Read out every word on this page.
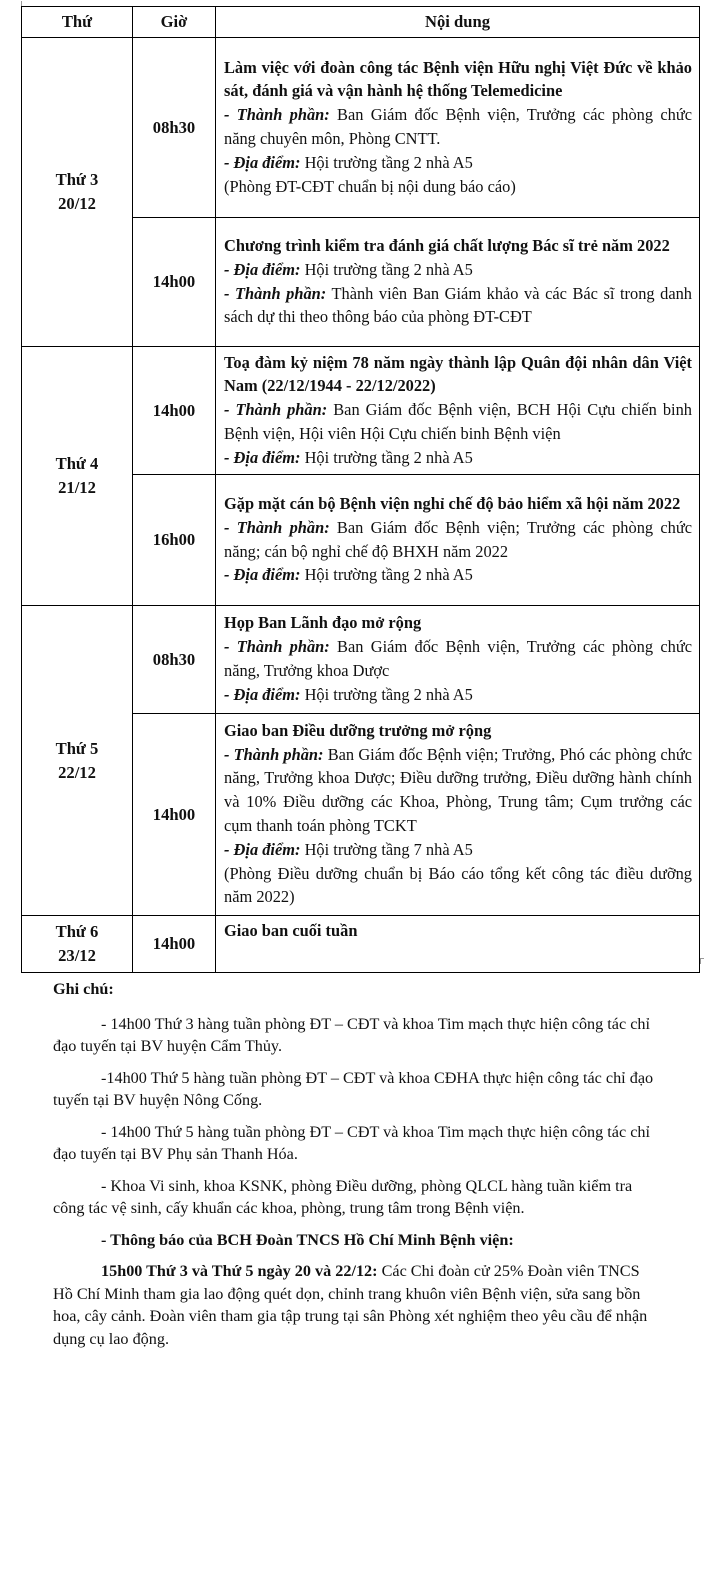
Thứ	Giờ	Nội dung

Thứ 3
20/12	08h30	Làm việc với đoàn công tác Bệnh viện Hữu nghị Việt Đức về khảo sát, đánh giá và vận hành hệ thống Telemedicine
- Thành phần: Ban Giám đốc Bệnh viện, Trưởng các phòng chức năng chuyên môn, Phòng CNTT.
- Địa điểm: Hội trường tầng 2 nhà A5
(Phòng ĐT-CĐT chuẩn bị nội dung báo cáo)

	14h00	Chương trình kiểm tra đánh giá chất lượng Bác sĩ trẻ năm 2022
- Địa điểm: Hội trường tầng 2 nhà A5
- Thành phần: Thành viên Ban Giám khảo và các Bác sĩ trong danh sách dự thi theo thông báo của phòng ĐT-CĐT

Thứ 4
21/12	14h00	Toạ đàm kỷ niệm 78 năm ngày thành lập Quân đội nhân dân Việt Nam (22/12/1944 - 22/12/2022)
- Thành phần: Ban Giám đốc Bệnh viện, BCH Hội Cựu chiến binh Bệnh viện, Hội viên Hội Cựu chiến binh Bệnh viện
- Địa điểm: Hội trường tầng 2 nhà A5

	16h00	Gặp mặt cán bộ Bệnh viện nghỉ chế độ bảo hiểm xã hội năm 2022
- Thành phần: Ban Giám đốc Bệnh viện; Trưởng các phòng chức năng; cán bộ nghỉ chế độ BHXH năm 2022
- Địa điểm: Hội trường tầng 2 nhà A5

Thứ 5
22/12	08h30	Họp Ban Lãnh đạo mở rộng
- Thành phần: Ban Giám đốc Bệnh viện, Trưởng các phòng chức năng, Trưởng khoa Dược
- Địa điểm: Hội trường tầng 2 nhà A5

	14h00	Giao ban Điều dưỡng trưởng mở rộng
- Thành phần: Ban Giám đốc Bệnh viện; Trưởng, Phó các phòng chức năng, Trưởng khoa Dược; Điều dưỡng trưởng, Điều dưỡng hành chính và 10% Điều dưỡng các Khoa, Phòng, Trung tâm; Cụm trưởng các cụm thanh toán phòng TCKT
- Địa điểm: Hội trường tầng 7 nhà A5
(Phòng Điều dưỡng chuẩn bị Báo cáo tổng kết công tác điều dưỡng năm 2022)

Thứ 6
23/12	14h00	Giao ban cuối tuần

Ghi chú:

- 14h00 Thứ 3 hàng tuần phòng ĐT – CĐT và khoa Tim mạch thực hiện công tác chỉ đạo tuyến tại BV huyện Cẩm Thủy.

-14h00 Thứ 5 hàng tuần phòng ĐT – CĐT và khoa CĐHA thực hiện công tác chỉ đạo tuyến tại BV huyện Nông Cống.

- 14h00 Thứ 5 hàng tuần phòng ĐT – CĐT và khoa Tim mạch thực hiện công tác chỉ đạo tuyến tại BV Phụ sản Thanh Hóa.

- Khoa Vi sinh, khoa KSNK, phòng Điều dưỡng, phòng QLCL hàng tuần kiểm tra công tác vệ sinh, cấy khuẩn các khoa, phòng, trung tâm trong Bệnh viện.

- Thông báo của BCH Đoàn TNCS Hồ Chí Minh Bệnh viện:

15h00 Thứ 3 và Thứ 5 ngày 20 và 22/12: Các Chi đoàn cử 25% Đoàn viên TNCS Hồ Chí Minh tham gia lao động quét dọn, chỉnh trang khuôn viên Bệnh viện, sửa sang bồn hoa, cây cảnh. Đoàn viên tham gia tập trung tại sân Phòng xét nghiệm theo yêu cầu để nhận dụng cụ lao động.
